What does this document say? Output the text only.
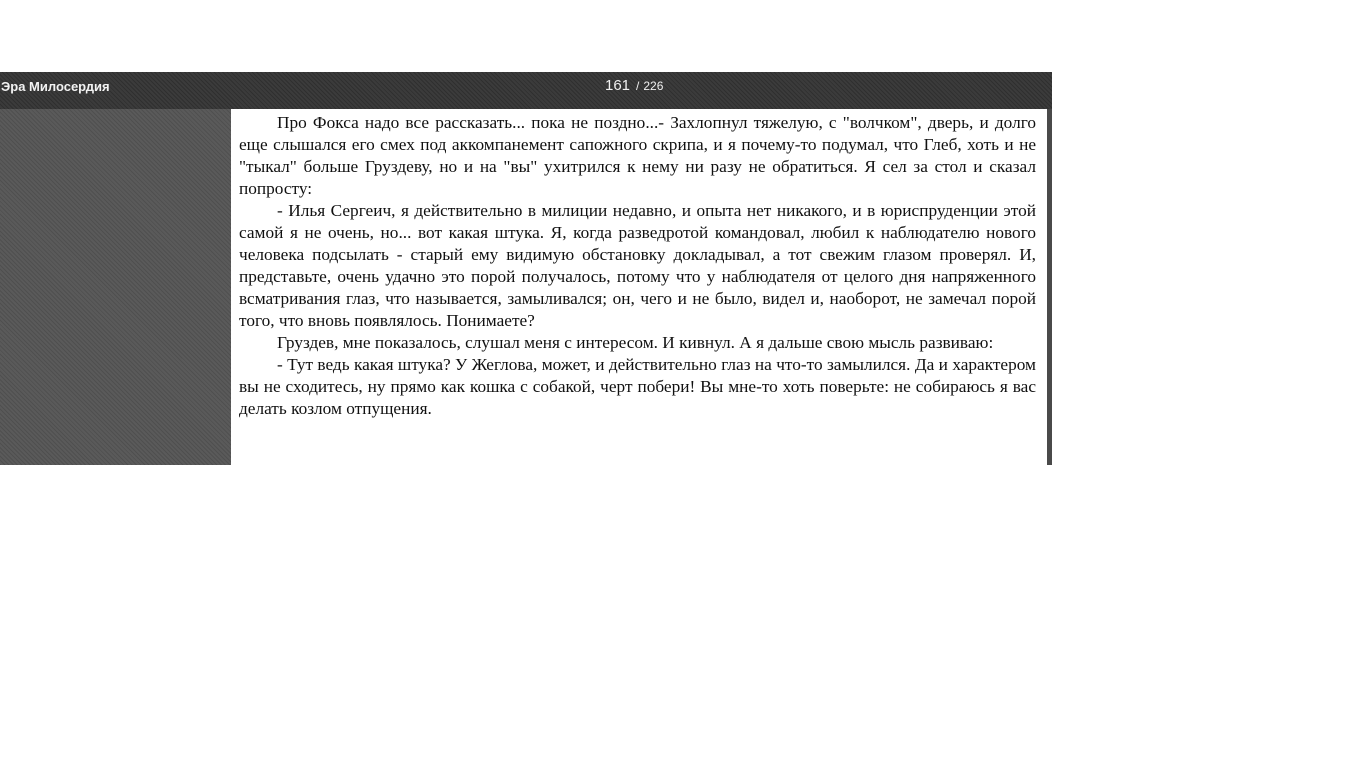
Эра Милосердия	161 / 226

Про Фокса надо все рассказать... пока не поздно...- Захлопнул тяжелую, с "волчком", дверь, и долго еще слышался его смех под аккомпанемент сапожного скрипа, и я почему-то подумал, что Глеб, хоть и не "тыкал" больше Груздеву, но и на "вы" ухитрился к нему ни разу не обратиться. Я сел за стол и сказал попросту:

- Илья Сергеич, я действительно в милиции недавно, и опыта нет никакого, и в юриспруденции этой самой я не очень, но... вот какая штука. Я, когда разведротой командовал, любил к наблюдателю нового человека подсылать - старый ему видимую обстановку докладывал, а тот свежим глазом проверял. И, представьте, очень удачно это порой получалось, потому что у наблюдателя от целого дня напряженного всматривания глаз, что называется, замыливался; он, чего и не было, видел и, наоборот, не замечал порой того, что вновь появлялось. Понимаете?

Груздев, мне показалось, слушал меня с интересом. И кивнул. А я дальше свою мысль развиваю:

- Тут ведь какая штука? У Жеглова, может, и действительно глаз на что-то замылился. Да и характером вы не сходитесь, ну прямо как кошка с собакой, черт побери! Вы мне-то хоть поверьте: не собираюсь я вас делать козлом отпущения.
